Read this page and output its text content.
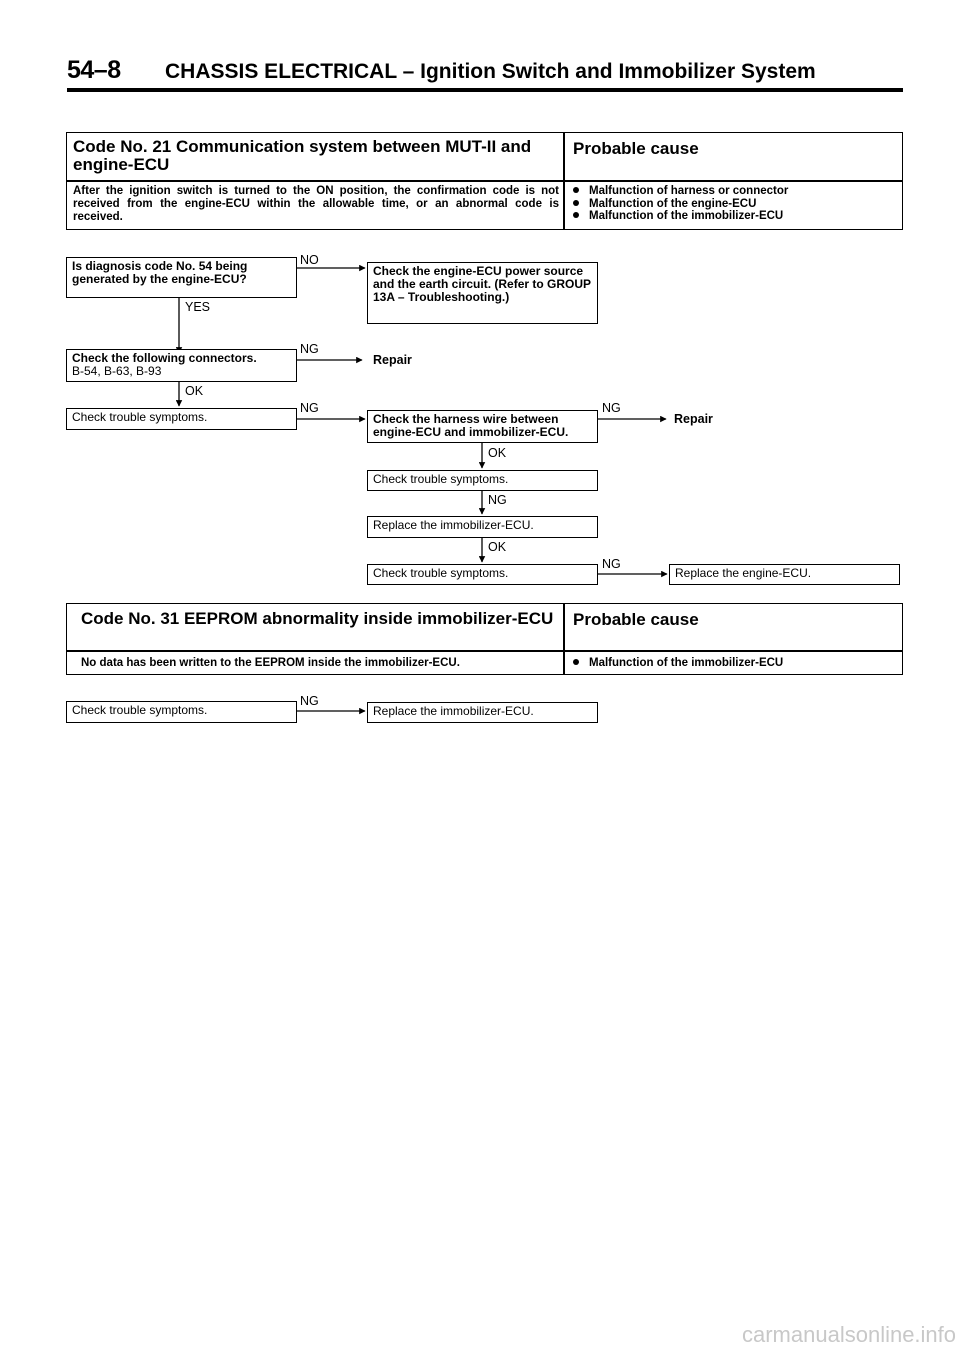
54–8 CHASSIS ELECTRICAL – Ignition Switch and Immobilizer System
Code No. 21 Communication system between MUT-II and engine-ECU
Probable cause
After the ignition switch is turned to the ON position, the confirmation code is not received from the engine-ECU within the allowable time, or an abnormal code is received.
Malfunction of harness or connector
Malfunction of the engine-ECU
Malfunction of the immobilizer-ECU
Is diagnosis code No. 54 being generated by the engine-ECU?
NO
YES
Check the engine-ECU power source and the earth circuit. (Refer to GROUP 13A – Troubleshooting.)
Check the following connectors.
B-54, B-63, B-93
NG
Repair
OK
Check trouble symptoms.
NG
Check the harness wire between engine-ECU and immobilizer-ECU.
NG
Repair
OK
Check trouble symptoms.
NG
Replace the immobilizer-ECU.
OK
Check trouble symptoms.
NG
Replace the engine-ECU.
Code No. 31 EEPROM abnormality inside immobilizer-ECU Probable cause
No data has been written to the EEPROM inside the immobilizer-ECU.	Malfunction of the immobilizer-ECU
Check trouble symptoms.
NG
Replace the immobilizer-ECU.
carmanualsonline.info
